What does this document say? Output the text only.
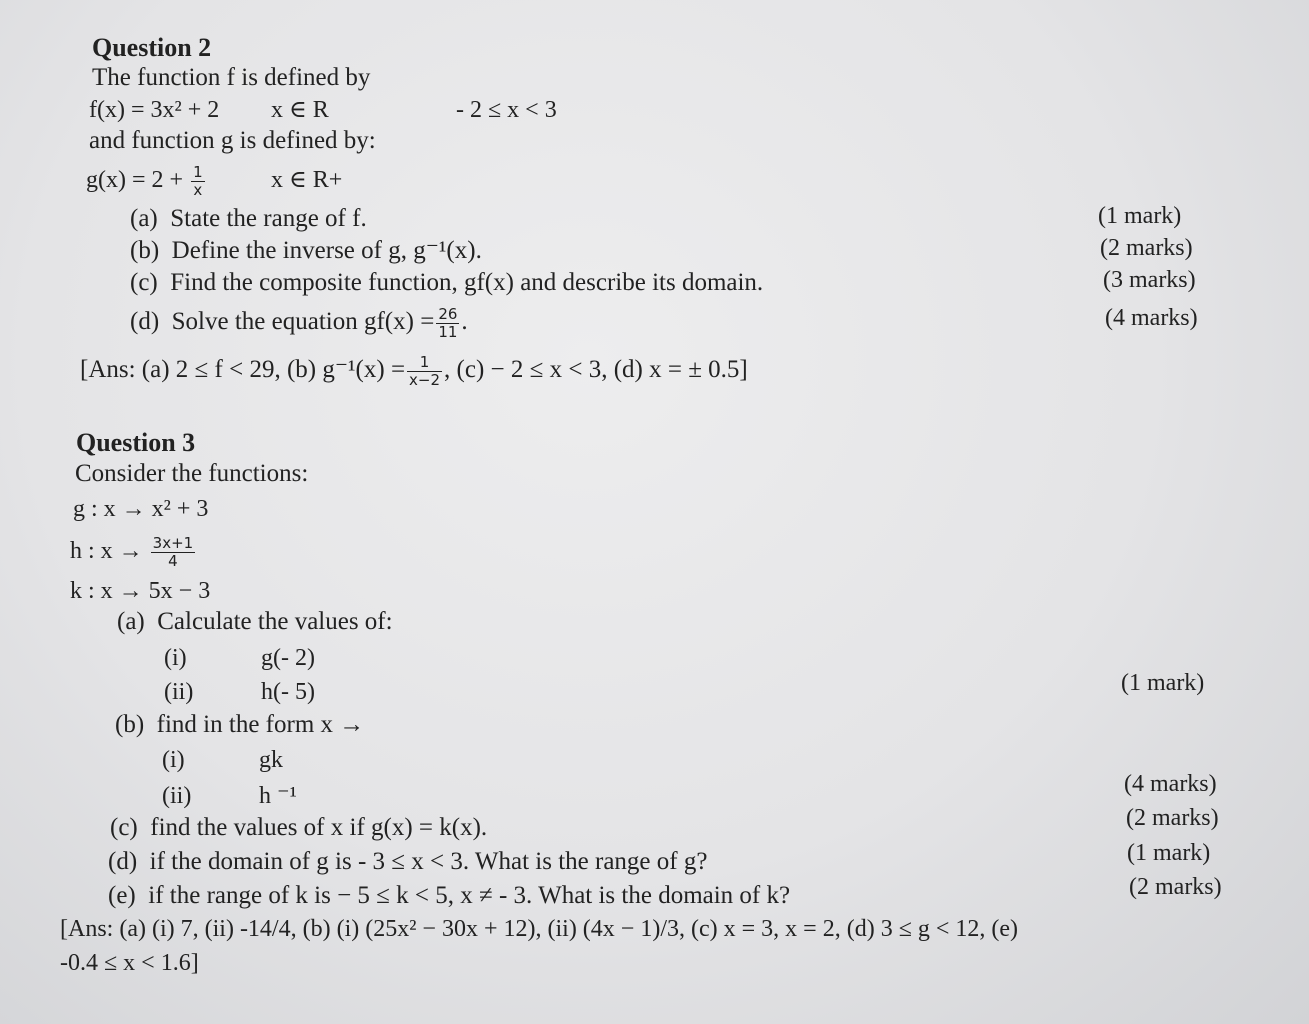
Question 2
The function f is defined by
f(x) = 3x² + 2 x ∈ R	- 2 ≤ x < 3
and function g is defined by:
$g(x) = 2 + \frac{1}{x}$	x ∈ R+
(a) State the range of f.	(1 mark)
(b) Define the inverse of g, g⁻¹(x).	(2 marks)
(c) Find the composite function, gf(x) and describe its domain.	(3 marks)
(d) Solve the equation $gf(x) = \frac{26}{11}$ .	(4 marks)
[Ans: (a) 2 ≤ f < 29, (b) $g^{-1}(x) = \frac{1}{x-2}$ , (c) − 2 ≤ x < 3, (d) x = ± 0.5]
Question 3
Consider the functions:
g : x → x² + 3
h : $x \to \frac{3x+1}{4}$
k : x → 5x − 3
(a) Calculate the values of:
(i)	g(- 2)
(ii)	h(- 5)	(1 mark)
(b) find in the form x →
(i)	gk
(ii)	h ⁻¹	(4 marks)
(c) find the values of x if g(x) = k(x).	(2 marks)
(d) if the domain of g is - 3 ≤ x < 3. What is the range of g?	(1 mark)
(e) if the range of k is − 5 ≤ k < 5, x ≠ - 3. What is the domain of k?	(2 marks)
[Ans: (a) (i) 7, (ii) -14/4, (b) (i) (25x² − 30x + 12), (ii) (4x − 1)/3, (c) x = 3, x = 2, (d) 3 ≤ g < 12, (e)
-0.4 ≤ x < 1.6]
